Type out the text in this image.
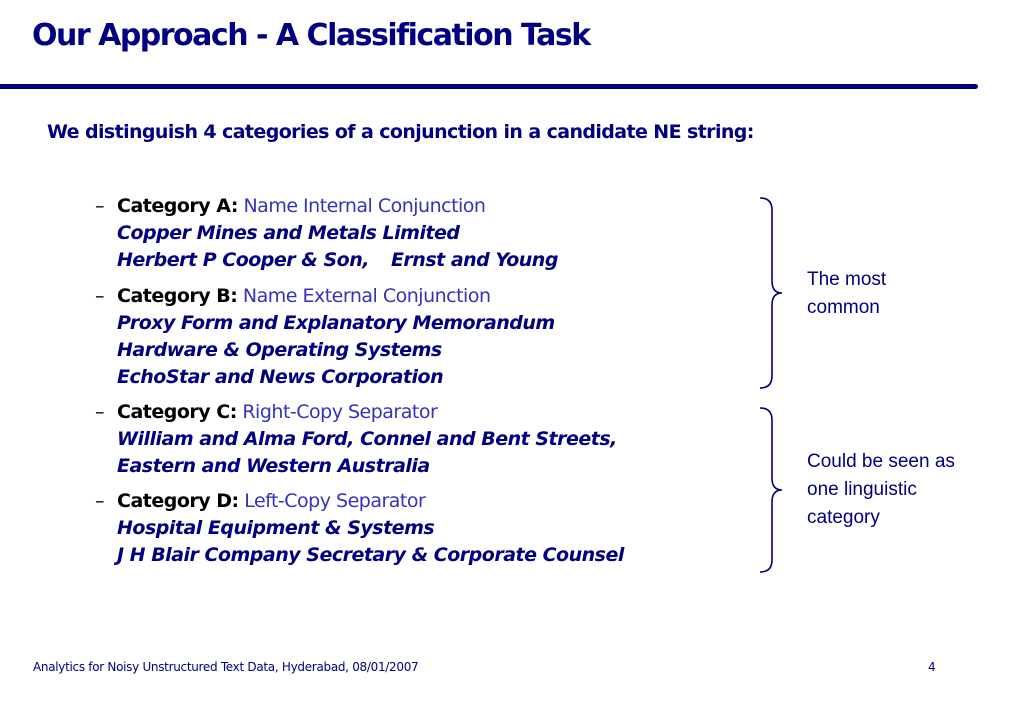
Our Approach - A Classification Task
We distinguish 4 categories of a conjunction in a candidate NE string:
– Category A: Name Internal Conjunction
Copper Mines and Metals Limited
Herbert P Cooper & Son, Ernst and Young
– Category B: Name External Conjunction
Proxy Form and Explanatory Memorandum
Hardware & Operating Systems
EchoStar and News Corporation
– Category C: Right-Copy Separator
William and Alma Ford, Connel and Bent Streets,
Eastern and Western Australia
– Category D: Left-Copy Separator
Hospital Equipment & Systems
J H Blair Company Secretary & Corporate Counsel
The most
common
Could be seen as
one linguistic
category
Analytics for Noisy Unstructured Text Data, Hyderabad, 08/01/2007	4
